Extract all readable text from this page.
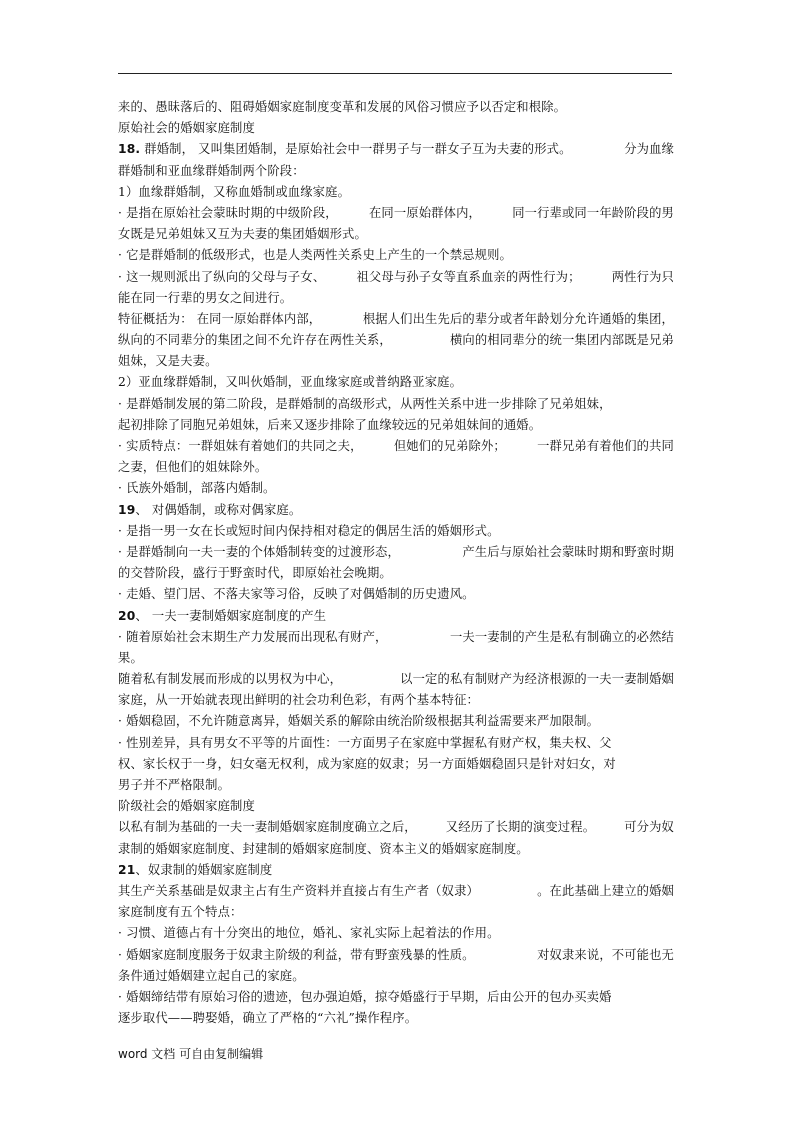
来的、愚昧落后的、阻碍婚姻家庭制度变革和发展的风俗习惯应予以否定和根除。
原始社会的婚姻家庭制度
18. 群婚制， 又叫集团婚制，是原始社会中一群男子与一群女子互为夫妻的形式。	分为血缘
群婚制和亚血缘群婚制两个阶段：
1）血缘群婚制，又称血婚制或血缘家庭。
· 是指在原始社会蒙昧时期的中级阶段，	在同一原始群体内，	同一行辈或同一年龄阶段的男
女既是兄弟姐妹又互为夫妻的集团婚姻形式。
· 它是群婚制的低级形式，也是人类两性关系史上产生的一个禁忌规则。
· 这一规则派出了纵向的父母与子女、	祖父母与孙子女等直系血亲的两性行为；	两性行为只
能在同一行辈的男女之间进行。
特征概括为： 在同一原始群体内部，	根据人们出生先后的辈分或者年龄划分允许通婚的集团，
纵向的不同辈分的集团之间不允许存在两性关系，	横向的相同辈分的统一集团内部既是兄弟
姐妹，又是夫妻。
2）亚血缘群婚制，又叫伙婚制，亚血缘家庭或普纳路亚家庭。
· 是群婚制发展的第二阶段，是群婚制的高级形式，从两性关系中进一步排除了兄弟姐妹，
起初排除了同胞兄弟姐妹，后来又逐步排除了血缘较远的兄弟姐妹间的通婚。
· 实质特点：一群姐妹有着她们的共同之夫，	但她们的兄弟除外；	一群兄弟有着他们的共同
之妻，但他们的姐妹除外。
· 氏族外婚制，部落内婚制。
19、 对偶婚制，或称对偶家庭。
· 是指一男一女在长或短时间内保持相对稳定的偶居生活的婚姻形式。
· 是群婚制向一夫一妻的个体婚制转变的过渡形态，	产生后与原始社会蒙昧时期和野蛮时期
的交替阶段，盛行于野蛮时代，即原始社会晚期。
· 走婚、望门居、不落夫家等习俗，反映了对偶婚制的历史遗风。
20、 一夫一妻制婚姻家庭制度的产生
· 随着原始社会末期生产力发展而出现私有财产，	一夫一妻制的产生是私有制确立的必然结
果。
随着私有制发展而形成的以男权为中心，	以一定的私有制财产为经济根源的一夫一妻制婚姻
家庭，从一开始就表现出鲜明的社会功利色彩，有两个基本特征：
· 婚姻稳固，不允许随意离异，婚姻关系的解除由统治阶级根据其利益需要来严加限制。
· 性别差异，具有男女不平等的片面性：一方面男子在家庭中掌握私有财产权，集夫权、父
权、家长权于一身，妇女毫无权利，成为家庭的奴隶；另一方面婚姻稳固只是针对妇女，对
男子并不严格限制。
阶级社会的婚姻家庭制度
以私有制为基础的一夫一妻制婚姻家庭制度确立之后， 又经历了长期的演变过程。 可分为奴
隶制的婚姻家庭制度、封建制的婚姻家庭制度、资本主义的婚姻家庭制度。
21、奴隶制的婚姻家庭制度
其生产关系基础是奴隶主占有生产资料并直接占有生产者（奴隶）	。在此基础上建立的婚姻
家庭制度有五个特点：
· 习惯、道德占有十分突出的地位，婚礼、家礼实际上起着法的作用。
· 婚姻家庭制度服务于奴隶主阶级的利益，带有野蛮残暴的性质。	对奴隶来说，不可能也无
条件通过婚姻建立起自己的家庭。
· 婚姻缔结带有原始习俗的遗迹，包办强迫婚，掠夺婚盛行于早期，后由公开的包办买卖婚
逐步取代——聘娶婚，确立了严格的“六礼”操作程序。
word 文档 可自由复制编辑
